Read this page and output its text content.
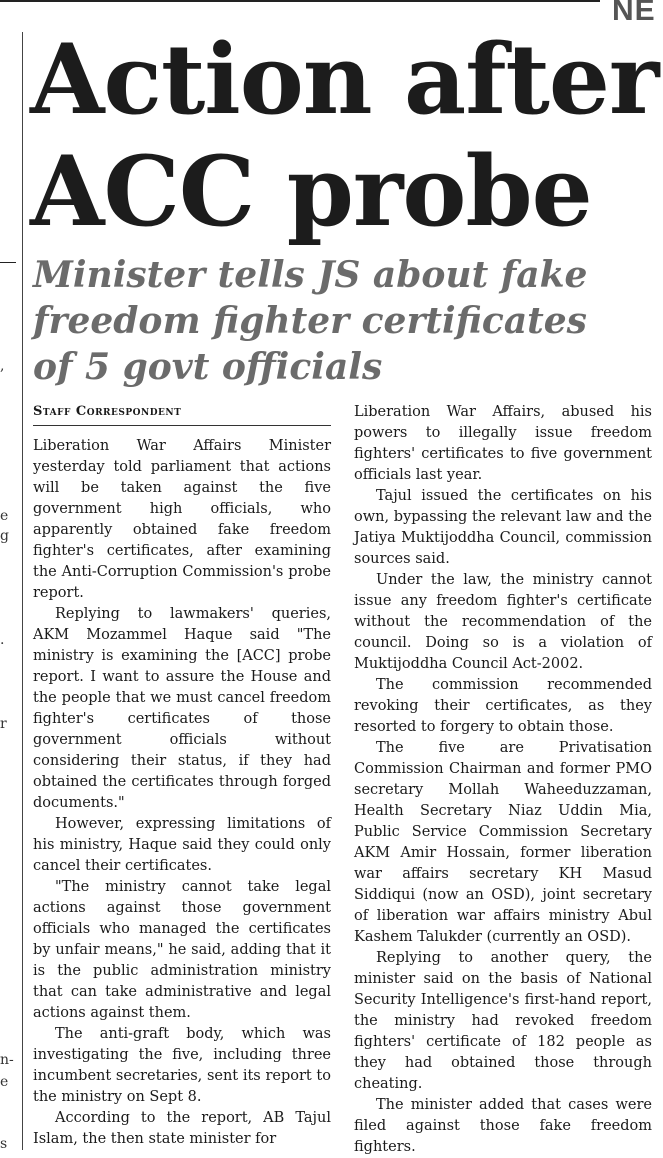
NE
,
e
g
.
r
n-
e
s
Action after ACC probe
Minister tells JS about fake freedom fighter certificates of 5 govt officials
Staff Correspondent

Liberation War Affairs Minister yesterday told parliament that actions will be taken against the five government high officials, who apparently obtained fake freedom fighter's certificates, after examining the Anti-Corruption Commission's probe report.

Replying to lawmakers' queries, AKM Mozammel Haque said "The ministry is examining the [ACC] probe report. I want to assure the House and the people that we must cancel freedom fighter's certificates of those government officials without considering their status, if they had obtained the certificates through forged documents."

However, expressing limitations of his ministry, Haque said they could only cancel their certificates.

"The ministry cannot take legal actions against those government officials who managed the certificates by unfair means," he said, adding that it is the public administration ministry that can take administrative and legal actions against them.

The anti-graft body, which was investigating the five, including three incumbent secretaries, sent its report to the ministry on Sept 8.

According to the report, AB Tajul Islam, the then state minister for

Liberation War Affairs, abused his powers to illegally issue freedom fighters' certificates to five government officials last year.

Tajul issued the certificates on his own, bypassing the relevant law and the Jatiya Muktijoddha Council, commission sources said.

Under the law, the ministry cannot issue any freedom fighter's certificate without the recommendation of the council. Doing so is a violation of Muktijoddha Council Act-2002.

The commission recommended revoking their certificates, as they resorted to forgery to obtain those.

The five are Privatisation Commission Chairman and former PMO secretary Mollah Waheeduzzaman, Health Secretary Niaz Uddin Mia, Public Service Commission Secretary AKM Amir Hossain, former liberation war affairs secretary KH Masud Siddiqui (now an OSD), joint secretary of liberation war affairs ministry Abul Kashem Talukder (currently an OSD).

Replying to another query, the minister said on the basis of National Security Intelligence's first-hand report, the ministry had revoked freedom fighters' certificate of 182 people as they had obtained those through cheating.

The minister added that cases were filed against those fake freedom fighters.
